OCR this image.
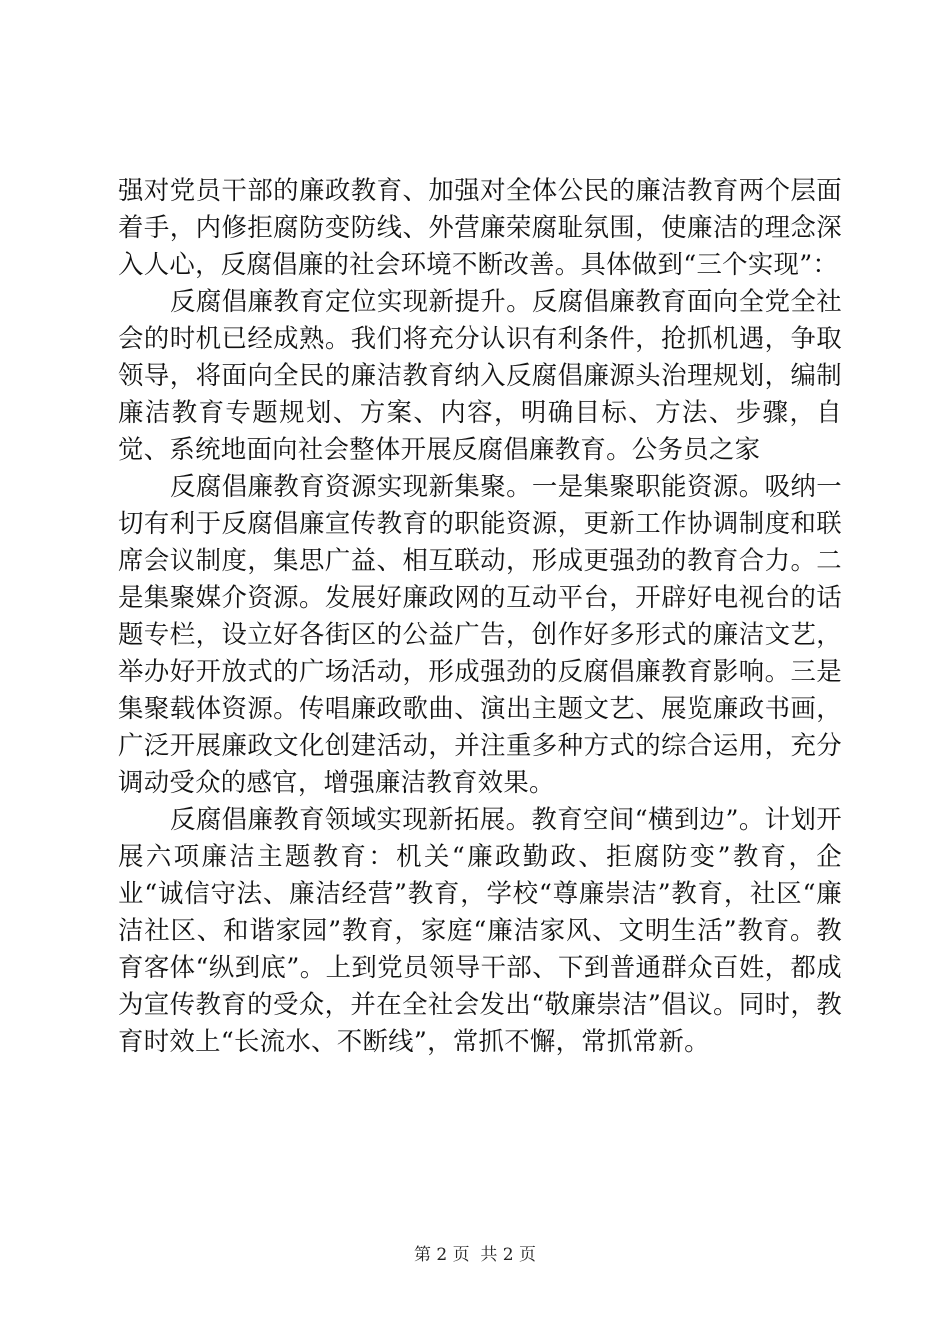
强对党员干部的廉政教育、加强对全体公民的廉洁教育两个层面着手，内修拒腐防变防线、外营廉荣腐耻氛围，使廉洁的理念深入人心，反腐倡廉的社会环境不断改善。具体做到“三个实现”：

反腐倡廉教育定位实现新提升。反腐倡廉教育面向全党全社会的时机已经成熟。我们将充分认识有利条件，抢抓机遇，争取领导，将面向全民的廉洁教育纳入反腐倡廉源头治理规划，编制廉洁教育专题规划、方案、内容，明确目标、方法、步骤，自觉、系统地面向社会整体开展反腐倡廉教育。公务员之家

反腐倡廉教育资源实现新集聚。一是集聚职能资源。吸纳一切有利于反腐倡廉宣传教育的职能资源，更新工作协调制度和联席会议制度，集思广益、相互联动，形成更强劲的教育合力。二是集聚媒介资源。发展好廉政网的互动平台，开辟好电视台的话题专栏，设立好各街区的公益广告，创作好多形式的廉洁文艺，举办好开放式的广场活动，形成强劲的反腐倡廉教育影响。三是集聚载体资源。传唱廉政歌曲、演出主题文艺、展览廉政书画，广泛开展廉政文化创建活动，并注重多种方式的综合运用，充分调动受众的感官，增强廉洁教育效果。

反腐倡廉教育领域实现新拓展。教育空间“横到边”。计划开展六项廉洁主题教育：机关“廉政勤政、拒腐防变”教育，企业“诚信守法、廉洁经营”教育，学校“尊廉崇洁”教育，社区“廉洁社区、和谐家园”教育，家庭“廉洁家风、文明生活”教育。教育客体“纵到底”。上到党员领导干部、下到普通群众百姓，都成为宣传教育的受众，并在全社会发出“敬廉崇洁”倡议。同时，教育时效上“长流水、不断线”，常抓不懈，常抓常新。

第 2 页  共 2 页
